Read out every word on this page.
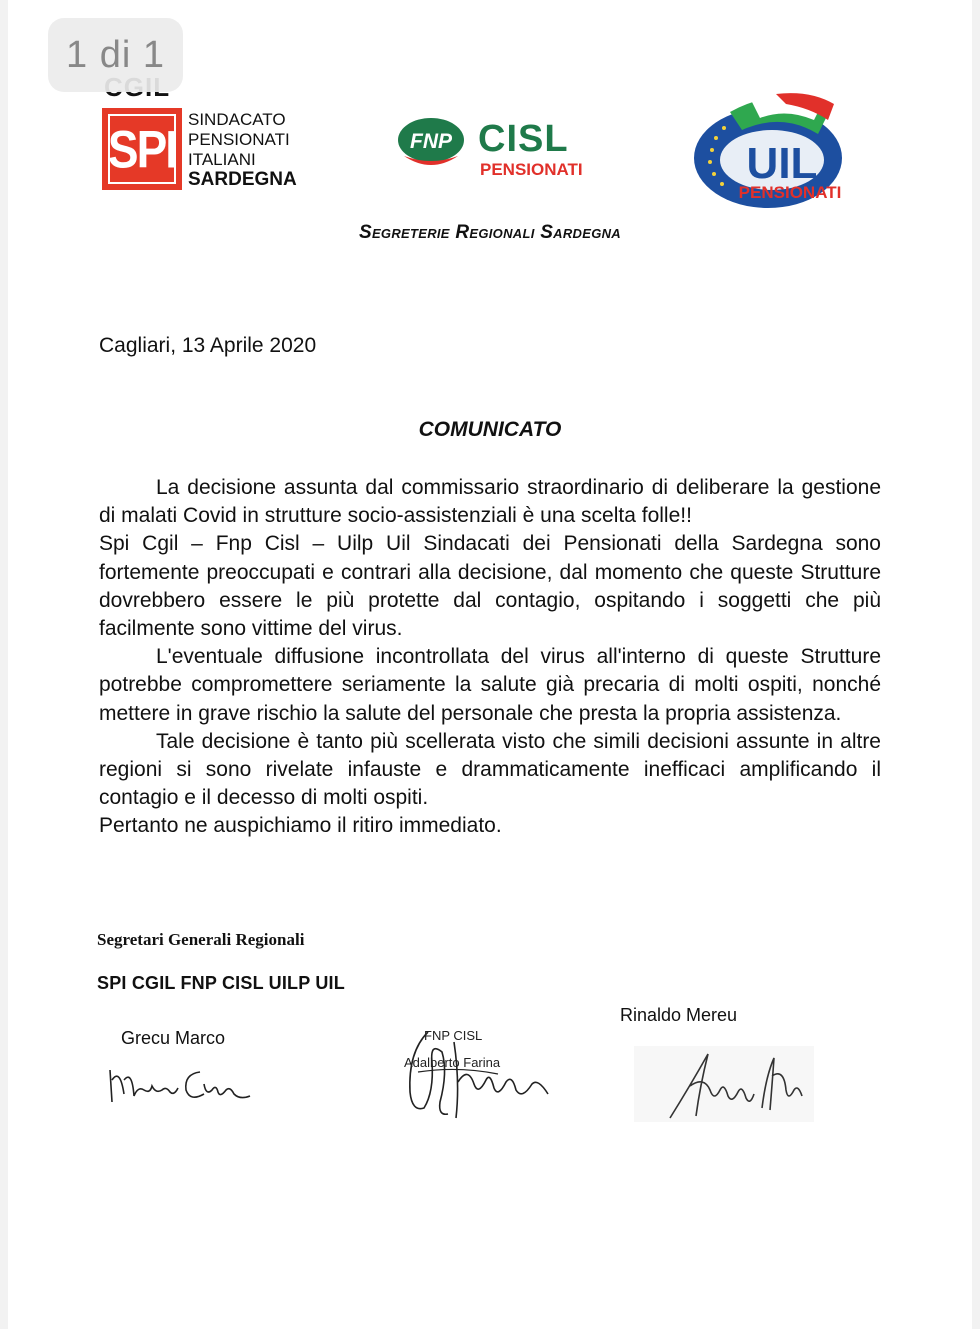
1 di 1
SPI SINDACATO
PENSIONATI
ITALIANI
SARDEGNA
FNP CISL
PENSIONATI	UIL
PENSIONATI
Segreterie Regionali Sardegna
Cagliari, 13 Aprile 2020
COMUNICATO

La decisione assunta dal commissario straordinario di deliberare la gestione di malati Covid in strutture socio-assistenziali è una scelta folle!!

Spi Cgil – Fnp Cisl – Uilp Uil Sindacati dei Pensionati della Sardegna sono fortemente preoccupati e contrari alla decisione, dal momento che queste Strutture dovrebbero essere le più protette dal contagio, ospitando i soggetti che più facilmente sono vittime del virus.

L'eventuale diffusione incontrollata del virus all'interno di queste Strutture potrebbe compromettere seriamente la salute già precaria di molti ospiti, nonché mettere in grave rischio la salute del personale che presta la propria assistenza.

Tale decisione è tanto più scellerata visto che simili decisioni assunte in altre regioni si sono rivelate infauste e drammaticamente inefficaci amplificando il contagio e il decesso di molti ospiti.

Pertanto ne auspichiamo il ritiro immediato.

Segretari Generali Regionali
SPI CGIL FNP CISL UILP UIL
Grecu Marco	FNP CISL
Adalberto Farina
Rinaldo Mereu
